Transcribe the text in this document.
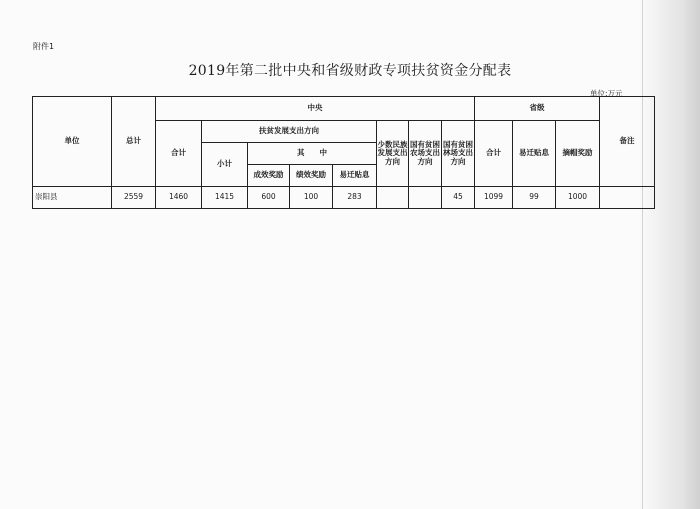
附件1
2019年第二批中央和省级财政专项扶贫资金分配表
单位:万元
单位	总计	中央								省级			备注
		合计	扶贫发展支出方向				少数民族发展支出方向	国有贫困农场支出方向	国有贫困林场支出方向	合计	易迁贴息	摘帽奖励	
			小计	其　　中									
				成效奖励	绩效奖励	易迁贴息							
崇阳县	2559	1460	1415	600	100	283			45	1099	99	1000	
